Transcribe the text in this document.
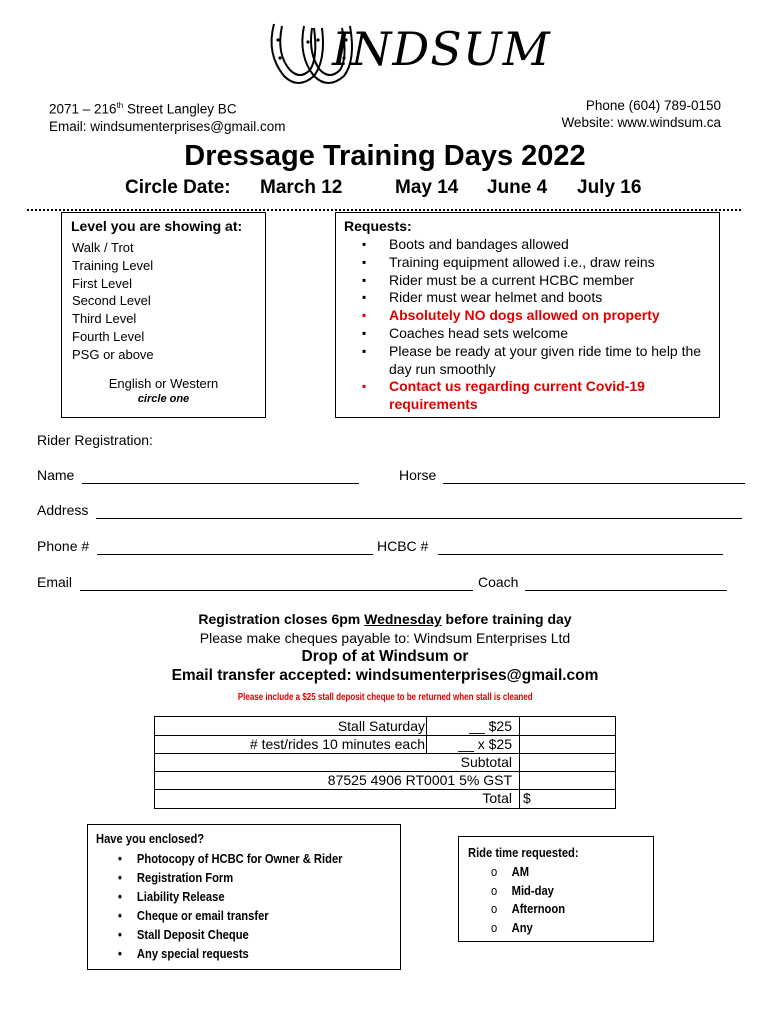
INDSUM
2071 – 216th Street Langley BC
Email: windsumenterprises@gmail.com
Phone (604) 789-0150
Website: www.windsum.ca
Dressage Training Days 2022
Circle Date: March 12	May 14 June 4 July 16
Level you are showing at:
Walk / Trot
Training Level
First Level
Second Level
Third Level
Fourth Level
PSG or above
English or Western
circle one
Requests:
▪ Boots and bandages allowed
▪ Training equipment allowed i.e., draw reins
▪ Rider must be a current HCBC member
▪ Rider must wear helmet and boots
▪ Absolutely NO dogs allowed on property
▪ Coaches head sets welcome
▪ Please be ready at your given ride time to help the day run smoothly
▪ Contact us regarding current Covid-19 requirements
Rider Registration:
Name	Horse
Address
Phone #	HCBC #
Email	Coach
Registration closes 6pm Wednesday before training day
Please make cheques payable to: Windsum Enterprises Ltd
Drop of at Windsum or
Email transfer accepted: windsumenterprises@gmail.com
Please include a $25 stall deposit cheque to be returned when stall is cleaned
Stall Saturday	__ $25
# test/rides 10 minutes each __ x $25
Subtotal
87525 4906 RT0001 5% GST
Total $
Have you enclosed?
• Photocopy of HCBC for Owner & Rider
• Registration Form
• Liability Release
• Cheque or email transfer
• Stall Deposit Cheque
• Any special requests
Ride time requested:
o AM
o Mid-day
o Afternoon
o Any
